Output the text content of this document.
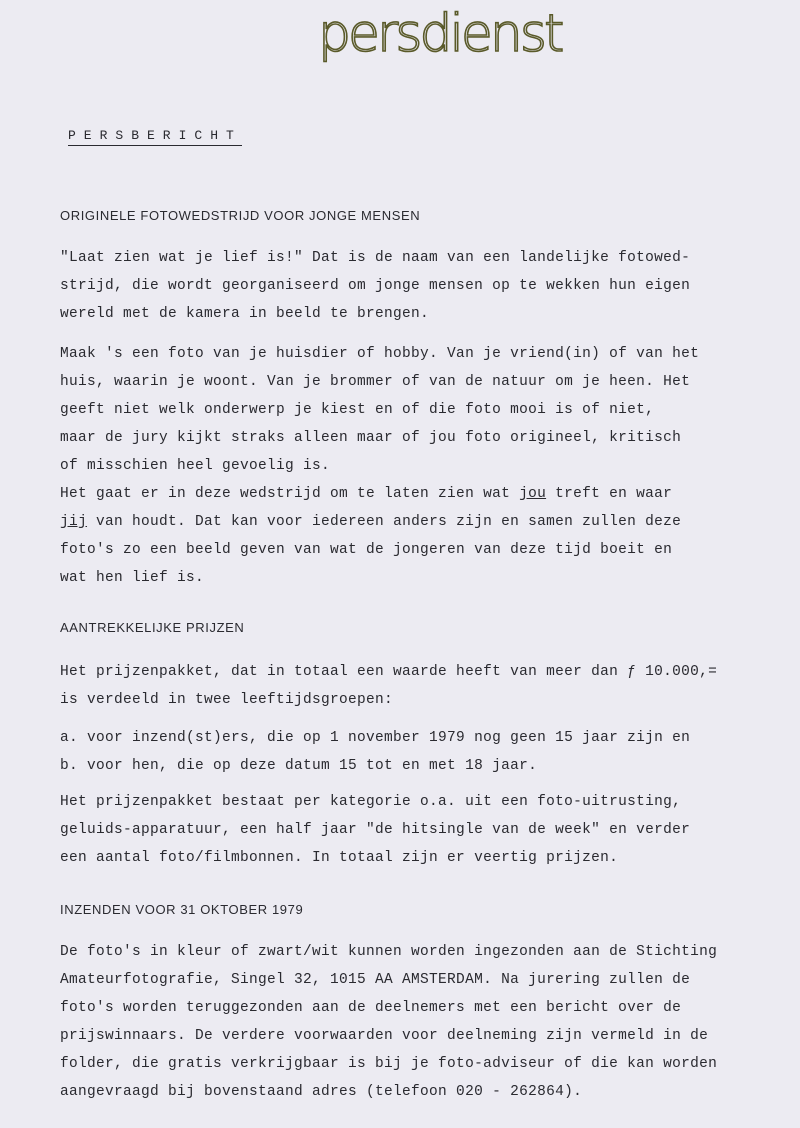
persdienst
PERSBERICHT
ORIGINELE FOTOWEDSTRIJD VOOR JONGE MENSEN
"Laat zien wat je lief is!" Dat is de naam van een landelijke fotowed-
strijd, die wordt georganiseerd om jonge mensen op te wekken hun eigen
wereld met de kamera in beeld te brengen.
Maak 's een foto van je huisdier of hobby. Van je vriend(in) of van het
huis, waarin je woont. Van je brommer of van de natuur om je heen. Het
geeft niet welk onderwerp je kiest en of die foto mooi is of niet,
maar de jury kijkt straks alleen maar of jou foto origineel, kritisch
of misschien heel gevoelig is.
Het gaat er in deze wedstrijd om te laten zien wat jou treft en waar
jij van houdt. Dat kan voor iedereen anders zijn en samen zullen deze
foto's zo een beeld geven van wat de jongeren van deze tijd boeit en
wat hen lief is.
AANTREKKELIJKE PRIJZEN
Het prijzenpakket, dat in totaal een waarde heeft van meer dan ƒ 10.000,=
is verdeeld in twee leeftijdsgroepen:
a. voor inzend(st)ers, die op 1 november 1979 nog geen 15 jaar zijn en
b. voor hen, die op deze datum 15 tot en met 18 jaar.
Het prijzenpakket bestaat per kategorie o.a. uit een foto-uitrusting,
geluids-apparatuur, een half jaar "de hitsingle van de week" en verder
een aantal foto/filmbonnen. In totaal zijn er veertig prijzen.
INZENDEN VOOR 31 OKTOBER 1979
De foto's in kleur of zwart/wit kunnen worden ingezonden aan de Stichting
Amateurfotografie, Singel 32, 1015 AA AMSTERDAM. Na jurering zullen de
foto's worden teruggezonden aan de deelnemers met een bericht over de
prijswinnaars. De verdere voorwaarden voor deelneming zijn vermeld in de
folder, die gratis verkrijgbaar is bij je foto-adviseur of die kan worden
aangevraagd bij bovenstaand adres (telefoon 020 - 262864).
